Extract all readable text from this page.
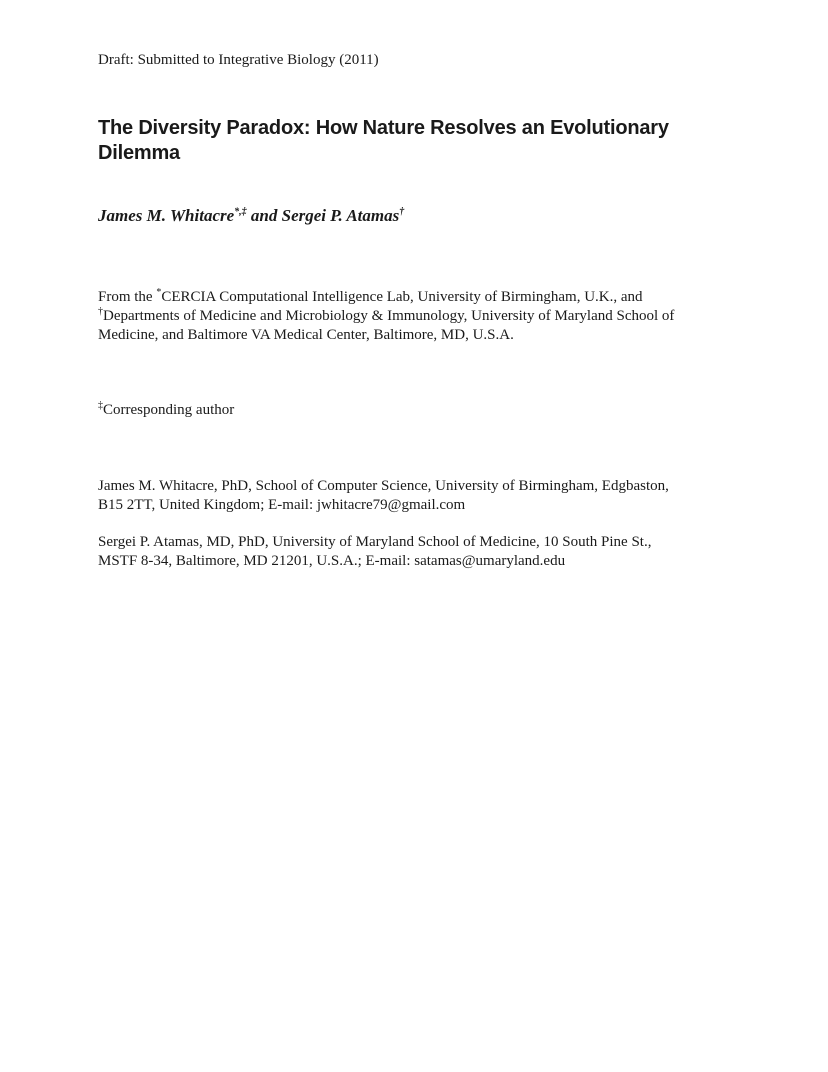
Draft: Submitted to Integrative Biology (2011)
The Diversity Paradox: How Nature Resolves an Evolutionary
Dilemma
James M. Whitacre*,‡ and Sergei P. Atamas†
From the *CERCIA Computational Intelligence Lab, University of Birmingham, U.K., and
†Departments of Medicine and Microbiology & Immunology, University of Maryland School of
Medicine, and Baltimore VA Medical Center, Baltimore, MD, U.S.A.
‡Corresponding author
James M. Whitacre, PhD, School of Computer Science, University of Birmingham, Edgbaston,
B15 2TT, United Kingdom; E-mail: jwhitacre79@gmail.com
Sergei P. Atamas, MD, PhD, University of Maryland School of Medicine, 10 South Pine St.,
MSTF 8-34, Baltimore, MD 21201, U.S.A.; E-mail: satamas@umaryland.edu
